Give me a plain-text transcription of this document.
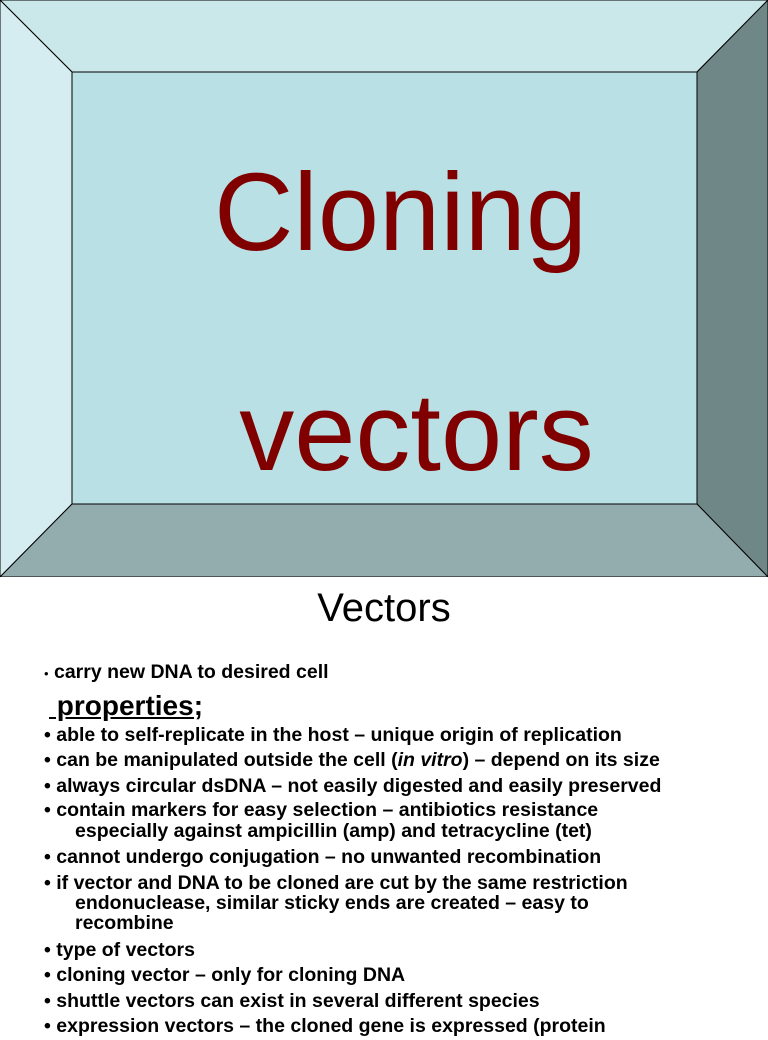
Cloning
vectors
Vectors

• carry new DNA to desired cell

properties;

• able to self-replicate in the host – unique origin of replication

• can be manipulated outside the cell (in vitro) – depend on its size

• always circular dsDNA – not easily digested and easily preserved

• contain markers for easy selection – antibiotics resistance

especially against ampicillin (amp) and tetracycline (tet)

• cannot undergo conjugation – no unwanted recombination

• if vector and DNA to be cloned are cut by the same restriction

endonuclease, similar sticky ends are created – easy to

recombine

• type of vectors

• cloning vector – only for cloning DNA

• shuttle vectors can exist in several different species

• expression vectors – the cloned gene is expressed (protein
